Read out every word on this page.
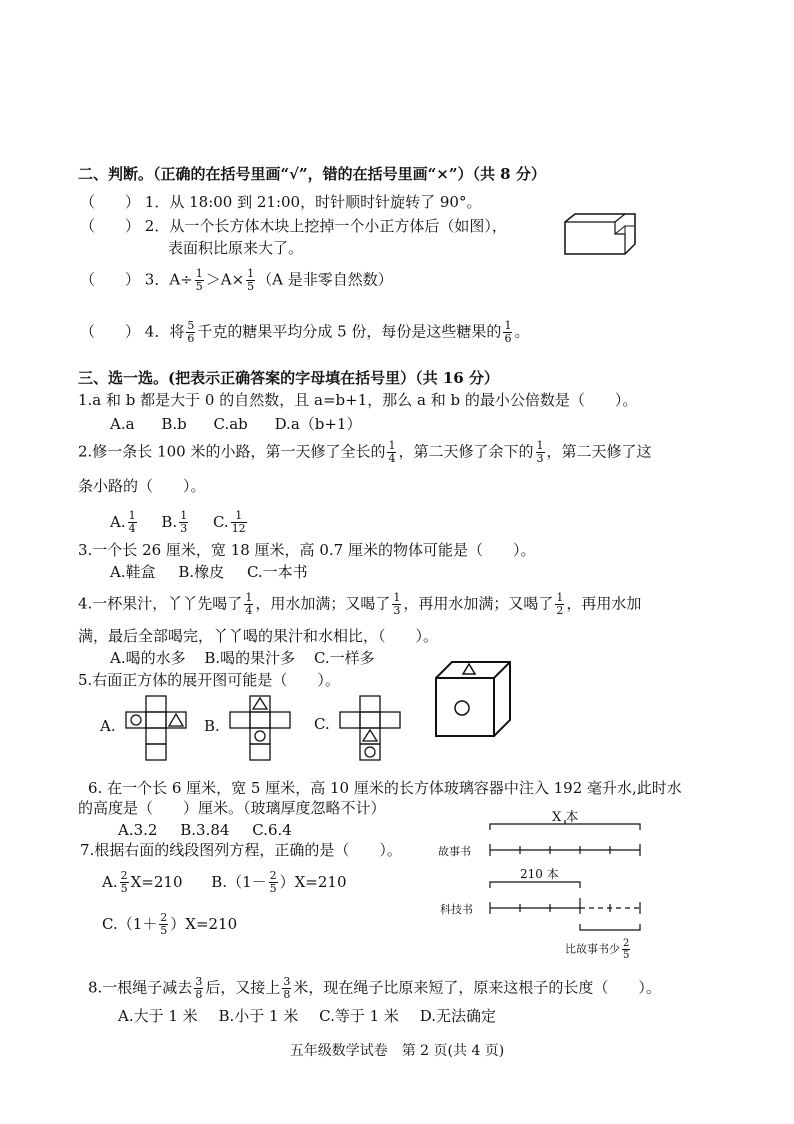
二、判断。（正确的在括号里画“√”，错的在括号里画“×”）（共 8 分）
（　　） 1．从 18:00 到 21:00，时针顺时针旋转了 90°。
（　　） 2．从一个长方体木块上挖掉一个小正方体后（如图），
表面积比原来大了。
（　　） 3．$A\div \frac{1}{5} >A\times \frac{1}{5} (A$ 是非零自然数）
（　　） 4．将 $\frac{5}{6}$ 千克的糖果平均分成 5 份，每份是这些糖果的 $\frac{1}{6}$ 。
三、选一选。(把表示正确答案的字母填在括号里）（共 16 分）
1.a 和 b 都是大于 0 的自然数，且 a=b+1，那么 a 和 b 的最小公倍数是（　　）。
A.a B.b C.ab D.a（b+1）
2.修一条长 100 米的小路，第一天修了全长的 $\frac{1}{4}$ ，第二天修了余下的 $\frac{1}{3}$ ，第二天修了这
条小路的（　　）。
A. $\frac{1}{4} B$. $\frac{1}{3} C$. $\frac{1}{12}$
3.一个长 26 厘米，宽 18 厘米，高 0.7 厘米的物体可能是（　　）。
A.鞋盒 B.橡皮 C.一本书
4.一杯果汁，丫丫先喝了 $\frac{1}{4}$ ，用水加满；又喝了 $\frac{1}{3}$ ，再用水加满；又喝了 $\frac{1}{2}$ ，再用水加
满，最后全部喝完，丫丫喝的果汁和水相比，（　　）。
A.喝的水多 B.喝的果汁多 C.一样多
5.右面正方体的展开图可能是（　　）。
A.	B.	C.
6. 在一个长 6 厘米，宽 5 厘米，高 10 厘米的长方体玻璃容器中注入 192 毫升水,此时水
的高度是（　　）厘米。（玻璃厚度忽略不计）
A.3.2 B.3.84 C.6.4
7.根据右面的线段图列方程，正确的是（　　）。
A. $\frac{2}{5} X=210$ $B.(1- \frac{2}{5} )X=210$
$C.(1+ \frac{2}{5} )X=210$
X 本
故事书
210 本
科技书
比故事书少 $\frac{2}{5}$
8.一根绳子减去 $\frac{3}{8}$ 后，又接上 $\frac{3}{8}$ 米，现在绳子比原来短了，原来这根子的长度（　　）。
A.大于 1 米 B.小于 1 米 C.等于 1 米 D.无法确定
五年级数学试卷　第 2 页(共 4 页)
